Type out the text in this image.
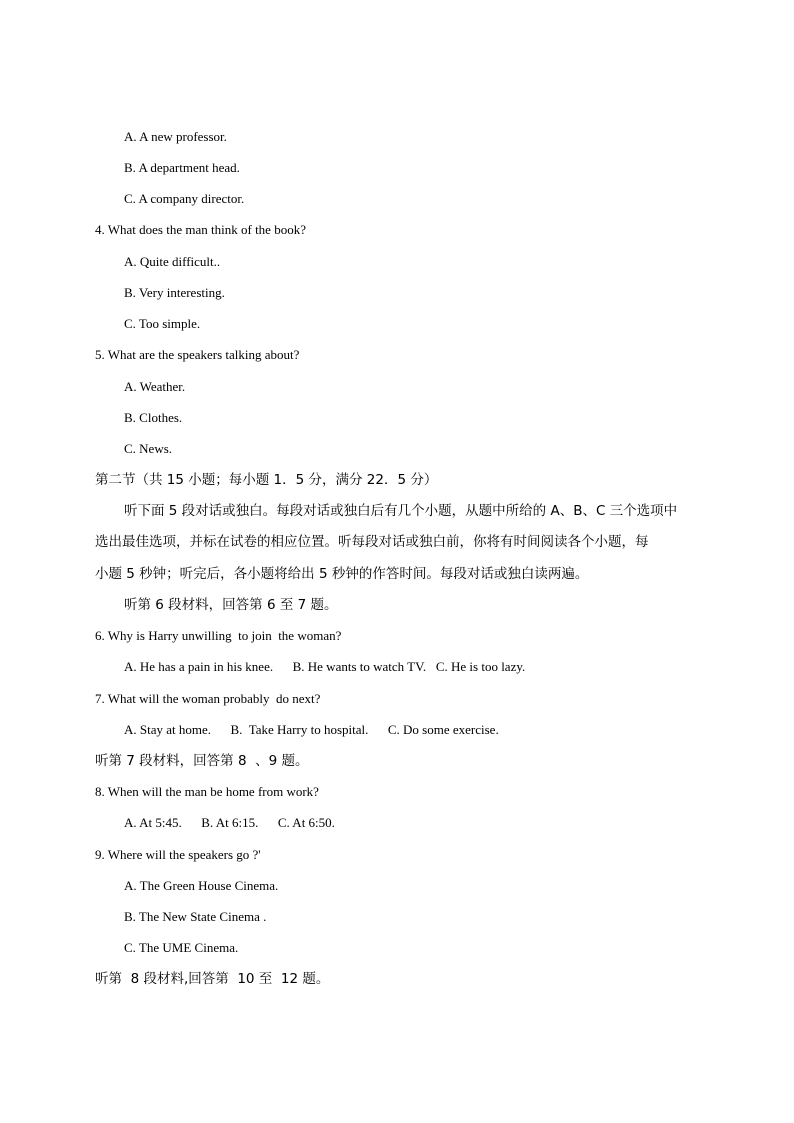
A. A new professor.
B. A department head.
C. A company director.
4. What does the man think of the book?
A. Quite difficult..
B. Very interesting.
C. Too simple.
5. What are the speakers talking about?
A. Weather.
B. Clothes.
C. News.
第二节（共 15 小题；每小题 1．5 分，满分 22．5 分）
听下面 5 段对话或独白。每段对话或独白后有几个小题，从题中所给的 A、B、C 三个选项中
选出最佳选项，并标在试卷的相应位置。听每段对话或独白前，你将有时间阅读各个小题，每
小题 5 秒钟；听完后，各小题将给出 5 秒钟的作答时间。每段对话或独白读两遍。
听第 6 段材料，回答第 6 至 7 题。
6. Why is Harry unwilling  to join  the woman?
A. He has a pain in his knee.      B. He wants to watch TV.   C. He is too lazy.
7. What will the woman probably  do next?
A. Stay at home.      B.  Take Harry to hospital.      C. Do some exercise.
听第 7 段材料，回答第 8  、9 题。
8. When will the man be home from work?
A. At 5:45.      B. At 6:15.      C. At 6:50.
9. Where will the speakers go ?'
A. The Green House Cinema.
B. The New State Cinema .
C. The UME Cinema.
听第  8 段材料,回答第  10 至  12 题。
